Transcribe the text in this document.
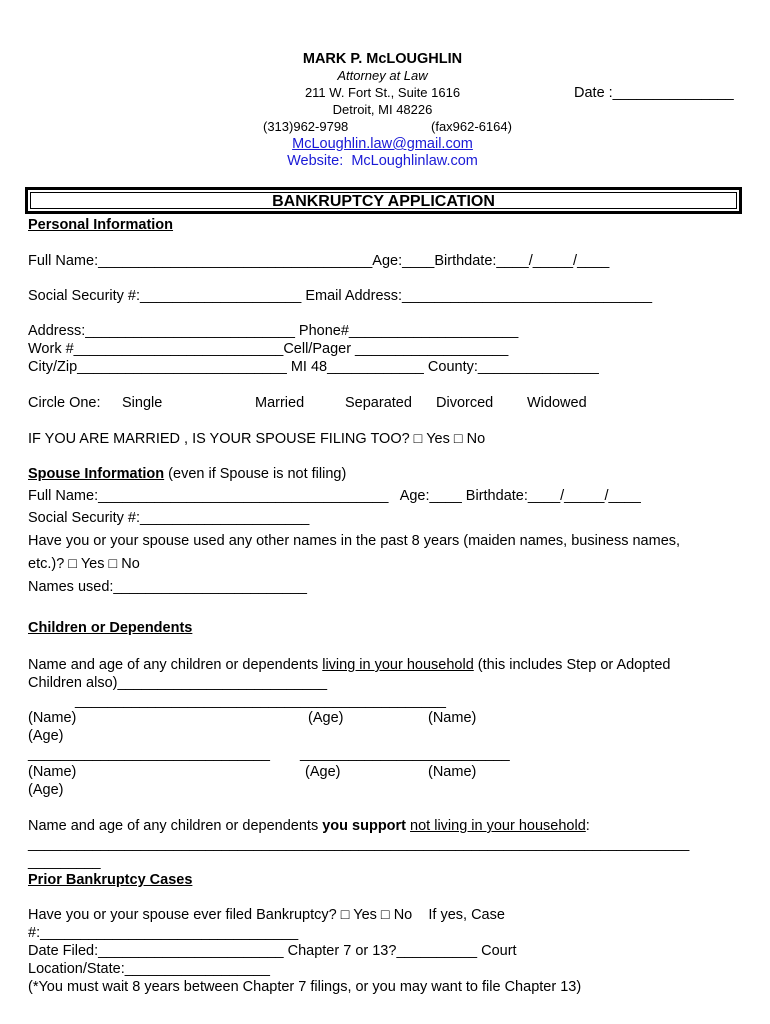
MARK P. McLOUGHLIN
Attorney at Law
211 W. Fort St., Suite 1616
Detroit, MI 48226
(313)962-9798	(fax962-6164)
McLoughlin.law@gmail.com
Website:  McLoughlinlaw.com
Date :_______________
BANKRUPTCY APPLICATION
Personal Information
Full Name:__________________________________Age:____Birthdate:____/_____/____
Social Security #:____________________ Email Address:_______________________________
Address:__________________________ Phone#_____________________
Work #__________________________Cell/Pager ___________________
City/Zip__________________________ MI 48____________ County:_______________
Circle One: Single	Married	Separated Divorced Widowed
IF YOU ARE MARRIED , IS YOUR SPOUSE FILING TOO? □ Yes □ No
Spouse Information (even if Spouse is not filing)
Full Name:____________________________________   Age:____ Birthdate:____/_____/____
Social Security #:_____________________
Have you or your spouse used any other names in the past 8 years (maiden names, business names,
etc.)? □ Yes □ No
Names used:________________________
Children or Dependents
Name and age of any children or dependents living in your household (this includes Step or Adopted
Children also)__________________________
______________________________________________
(Name)	(Age)	(Name)
(Age)
______________________________ __________________________
(Name)	(Age)	(Name)
(Age)
Name and age of any children or dependents you support not living in your household:
__________________________________________________________________________________
_________
Prior Bankruptcy Cases
Have you or your spouse ever filed Bankruptcy? □ Yes □ No    If yes, Case
#:________________________________
Date Filed:_______________________ Chapter 7 or 13?__________ Court
Location/State:__________________
(*You must wait 8 years between Chapter 7 filings, or you may want to file Chapter 13)
